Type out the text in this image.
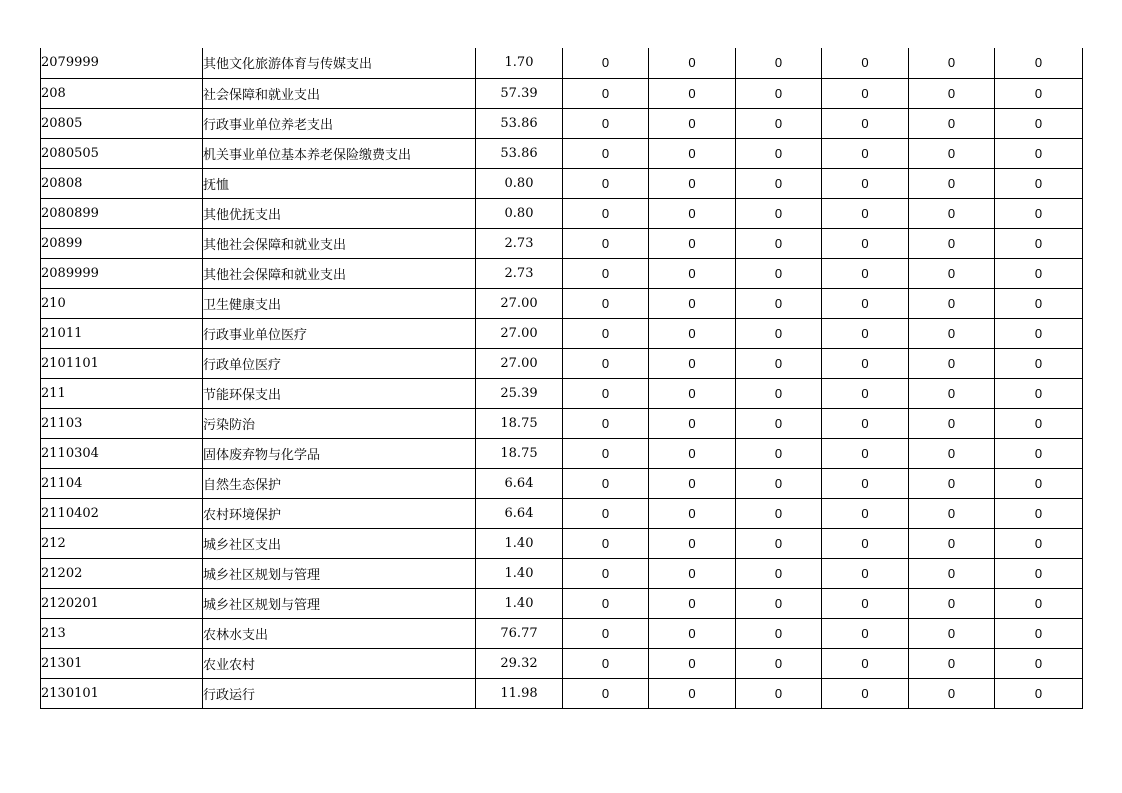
2079999	其他文化旅游体育与传媒支出	1.70	0	0	0	0	0	0
208	社会保障和就业支出	57.39	0	0	0	0	0	0
20805	行政事业单位养老支出	53.86	0	0	0	0	0	0
2080505	机关事业单位基本养老保险缴费支出	53.86	0	0	0	0	0	0
20808	抚恤	0.80	0	0	0	0	0	0
2080899	其他优抚支出	0.80	0	0	0	0	0	0
20899	其他社会保障和就业支出	2.73	0	0	0	0	0	0
2089999	其他社会保障和就业支出	2.73	0	0	0	0	0	0
210	卫生健康支出	27.00	0	0	0	0	0	0
21011	行政事业单位医疗	27.00	0	0	0	0	0	0
2101101	行政单位医疗	27.00	0	0	0	0	0	0
211	节能环保支出	25.39	0	0	0	0	0	0
21103	污染防治	18.75	0	0	0	0	0	0
2110304	固体废弃物与化学品	18.75	0	0	0	0	0	0
21104	自然生态保护	6.64	0	0	0	0	0	0
2110402	农村环境保护	6.64	0	0	0	0	0	0
212	城乡社区支出	1.40	0	0	0	0	0	0
21202	城乡社区规划与管理	1.40	0	0	0	0	0	0
2120201	城乡社区规划与管理	1.40	0	0	0	0	0	0
213	农林水支出	76.77	0	0	0	0	0	0
21301	农业农村	29.32	0	0	0	0	0	0
2130101	行政运行	11.98	0	0	0	0	0	0
